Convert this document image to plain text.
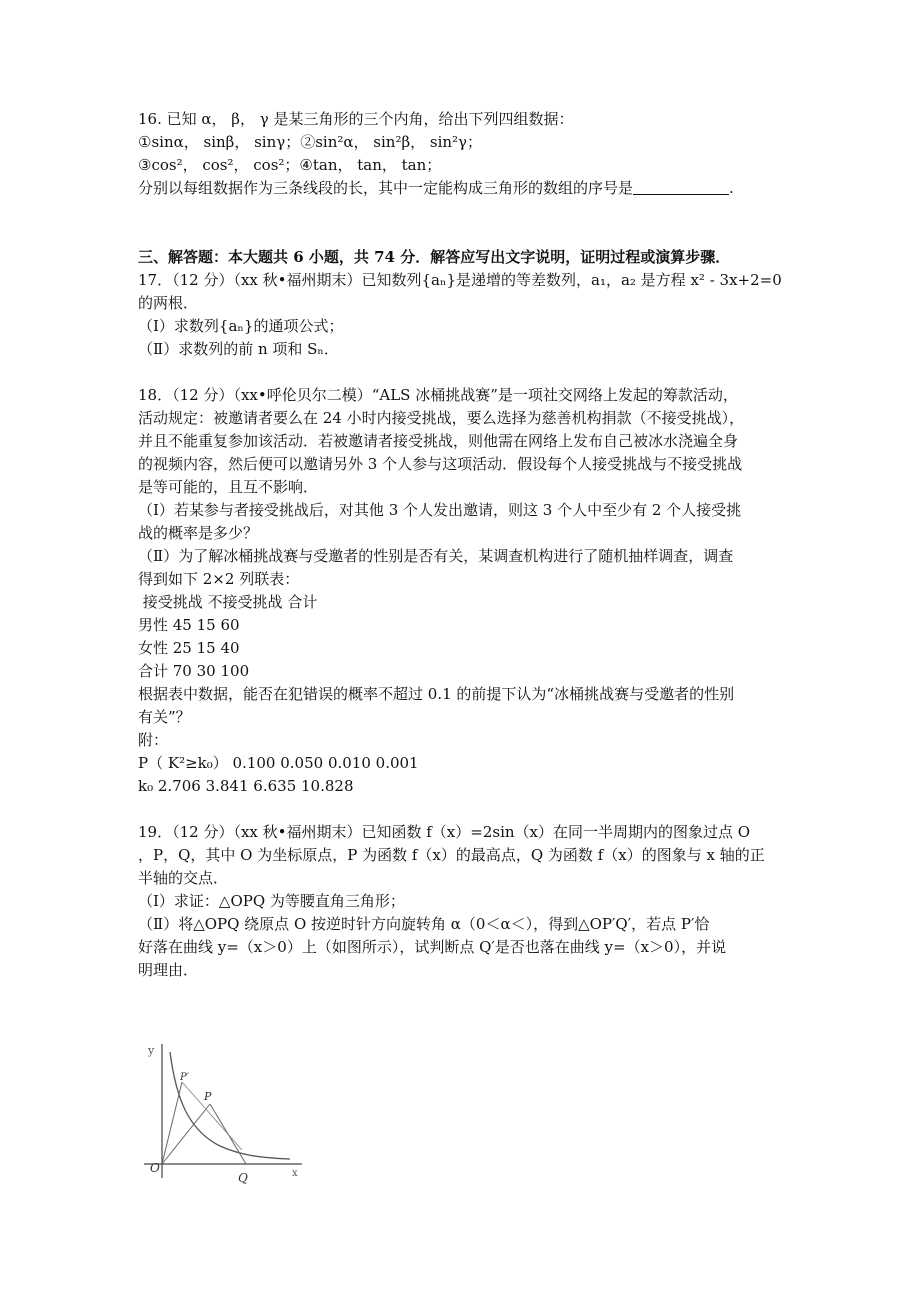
16. 已知 α， β， γ 是某三角形的三个内角，给出下列四组数据：
①sinα， sinβ， sinγ；②sin²α， sin²β， sin²γ；
③cos²， cos²， cos²；④tan， tan， tan；
分别以每组数据作为三条线段的长，其中一定能构成三角形的数组的序号是	.
三、解答题：本大题共 6 小题，共 74 分．解答应写出文字说明，证明过程或演算步骤．
17．（12 分）（xx 秋•福州期末）已知数列{aₙ}是递增的等差数列，a₁，a₂ 是方程 x² - 3x+2=0
的两根．
（Ⅰ）求数列{aₙ}的通项公式；
（Ⅱ）求数列的前 n 项和 Sₙ．
18．（12 分）（xx•呼伦贝尔二模）“ALS 冰桶挑战赛”是一项社交网络上发起的筹款活动，
活动规定：被邀请者要么在 24 小时内接受挑战，要么选择为慈善机构捐款（不接受挑战），
并且不能重复参加该活动．若被邀请者接受挑战，则他需在网络上发布自己被冰水浇遍全身
的视频内容，然后便可以邀请另外 3 个人参与这项活动．假设每个人接受挑战与不接受挑战
是等可能的，且互不影响．
（Ⅰ）若某参与者接受挑战后，对其他 3 个人发出邀请，则这 3 个人中至少有 2 个人接受挑
战的概率是多少？
（Ⅱ）为了解冰桶挑战赛与受邀者的性别是否有关，某调查机构进行了随机抽样调查，调查
得到如下 2×2 列联表：
接受挑战 不接受挑战 合计
男性 45 15 60
女性 25 15 40
合计 70 30 100
根据表中数据，能否在犯错误的概率不超过 0.1 的前提下认为“冰桶挑战赛与受邀者的性别
有关”？
附：
P（ K²≥k₀） 0.100 0.050 0.010 0.001
k₀ 2.706 3.841 6.635 10.828
19．（12 分）（xx 秋•福州期末）已知函数 f（x）=2sin（x）在同一半周期内的图象过点 O
，P，Q，其中 O 为坐标原点，P 为函数 f（x）的最高点，Q 为函数 f（x）的图象与 x 轴的正
半轴的交点．
（Ⅰ）求证：△OPQ 为等腰直角三角形；
（Ⅱ）将△OPQ 绕原点 O 按逆时针方向旋转角 α（0＜α＜），得到△OP′Q′，若点 P′恰
好落在曲线 y=（x＞0）上（如图所示），试判断点 Q′是否也落在曲线 y=（x＞0），并说
明理由．
y
x
O
P
P′
Q
